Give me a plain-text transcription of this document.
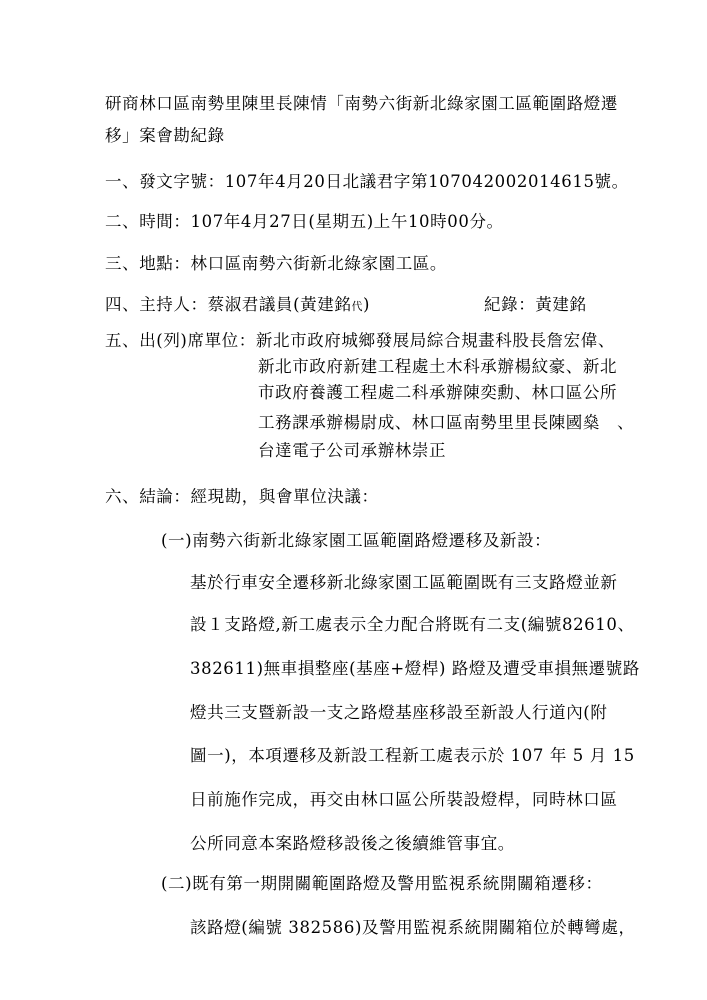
研商林口區南勢里陳里長陳情「南勢六街新北綠家園工區範圍路燈遷
移」案會勘紀錄
一、發文字號：107年4月20日北議君字第107042002014615號。
二、時間：107年4月27日(星期五)上午10時00分。
三、地點：林口區南勢六街新北綠家園工區。
四、主持人：蔡淑君議員(黃建銘代)	紀錄：黃建銘
五、出(列)席單位：新北市政府城鄉發展局綜合規畫科股長詹宏偉、
新北市政府新建工程處土木科承辦楊紋豪、新北
市政府養護工程處二科承辦陳奕勳、林口區公所
工務課承辦楊尉成、林口區南勢里里長陳國燊　、
台達電子公司承辦林崇正
六、結論：經現勘，與會單位決議：
(一)南勢六街新北綠家園工區範圍路燈遷移及新設：
基於行車安全遷移新北綠家園工區範圍既有三支路燈並新
設１支路燈,新工處表示全力配合將既有二支(編號82610、
382611)無車損整座(基座+燈桿) 路燈及遭受車損無遷號路
燈共三支暨新設一支之路燈基座移設至新設人行道內(附
圖一)，本項遷移及新設工程新工處表示於 107 年 5 月 15
日前施作完成，再交由林口區公所裝設燈桿，同時林口區
公所同意本案路燈移設後之後續維管事宜。
(二)既有第一期開關範圍路燈及警用監視系統開關箱遷移：
該路燈(編號 382586)及警用監視系統開關箱位於轉彎處，
